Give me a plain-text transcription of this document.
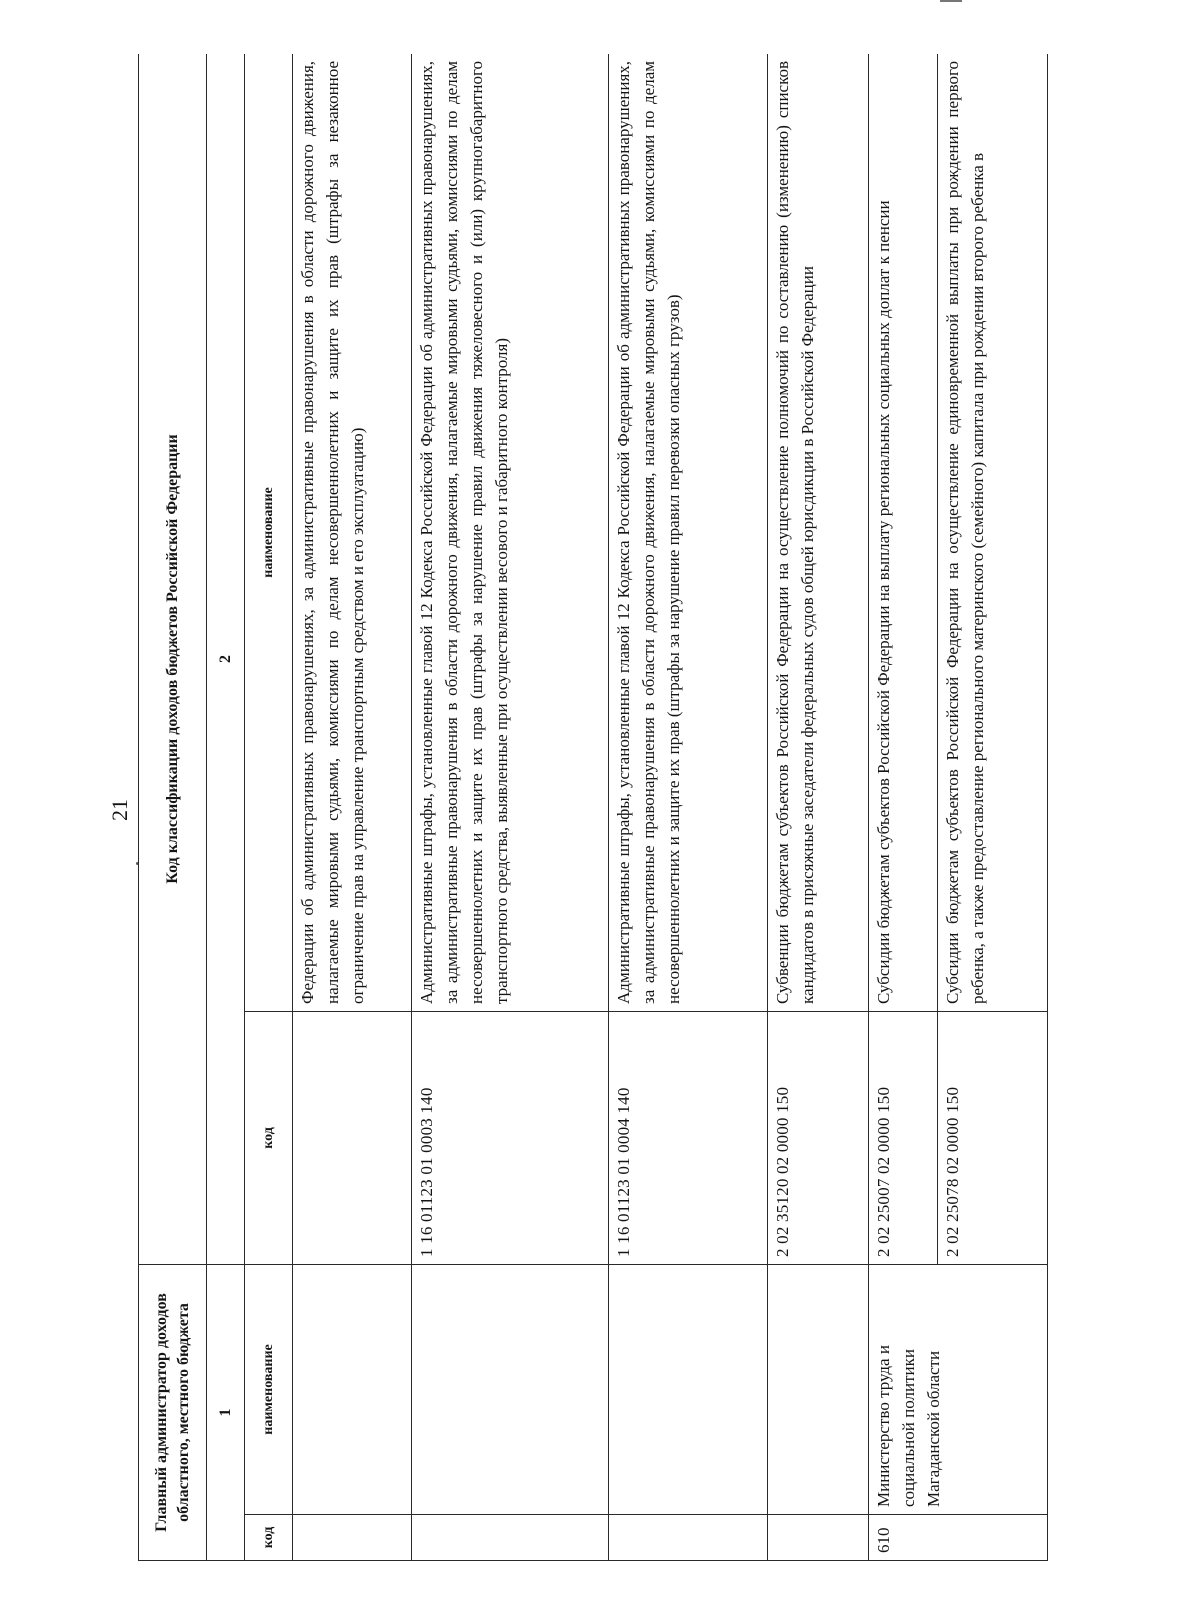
21
Главный администратор доходов областного, местного бюджета		Код классификации доходов бюджетов Российской Федерации	
1		2	
код	наименование	код	наименование
			Федерации об административных правонарушениях, за административные правонарушения в области дорожного движения, налагаемые мировыми судьями, комиссиями по делам несовершеннолетних и защите их прав (штрафы за незаконное ограничение прав на управление транспортным средством и его эксплуатацию)
		1 16 01123 01 0003 140	Административные штрафы, установленные главой 12 Кодекса Российской Федерации об административных правонарушениях, за административные правонарушения в области дорожного движения, налагаемые мировыми судьями, комиссиями по делам несовершеннолетних и защите их прав (штрафы за нарушение правил движения тяжеловесного и (или) крупногабаритного транспортного средства, выявленные при осуществлении весового и габаритного контроля)
		1 16 01123 01 0004 140	Административные штрафы, установленные главой 12 Кодекса Российской Федерации об административных правонарушениях, за административные правонарушения в области дорожного движения, налагаемые мировыми судьями, комиссиями по делам несовершеннолетних и защите их прав (штрафы за нарушение правил перевозки опасных грузов)
		2 02 35120 02 0000 150	Субвенции бюджетам субъектов Российской Федерации на осуществление полномочий по составлению (изменению) списков кандидатов в присяжные заседатели федеральных судов общей юрисдикции в Российской Федерации
610	Министерство труда и социальной политики Магаданской области	2 02 25007 02 0000 150	Субсидии бюджетам субъектов Российской Федерации на выплату региональных социальных доплат к пенсии
		2 02 25078 02 0000 150	Субсидии бюджетам субъектов Российской Федерации на осуществление единовременной выплаты при рождении первого ребенка, а также предоставление регионального материнского (семейного) капитала при рождении второго ребенка в
